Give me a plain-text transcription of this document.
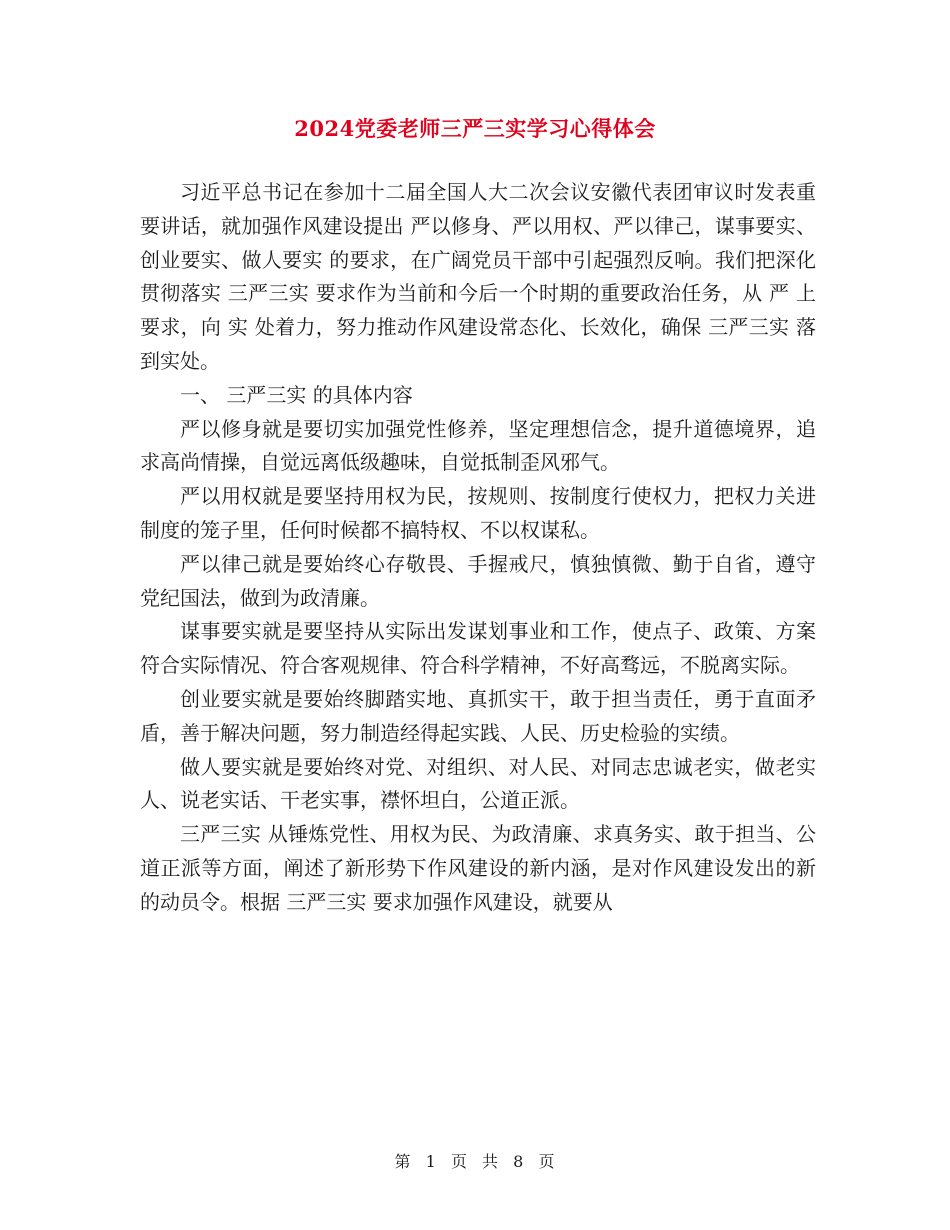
2024党委老师三严三实学习心得体会

习近平总书记在参加十二届全国人大二次会议安徽代表团审议时发表重要讲话，就加强作风建设提出 严以修身、严以用权、严以律己，谋事要实、创业要实、做人要实 的要求，在广阔党员干部中引起强烈反响。我们把深化贯彻落实 三严三实 要求作为当前和今后一个时期的重要政治任务，从 严 上要求，向 实 处着力，努力推动作风建设常态化、长效化，确保 三严三实 落到实处。

一、 三严三实 的具体内容

严以修身就是要切实加强党性修养，坚定理想信念，提升道德境界，追求高尚情操，自觉远离低级趣味，自觉抵制歪风邪气。

严以用权就是要坚持用权为民，按规则、按制度行使权力，把权力关进制度的笼子里，任何时候都不搞特权、不以权谋私。

严以律己就是要始终心存敬畏、手握戒尺，慎独慎微、勤于自省，遵守党纪国法，做到为政清廉。

谋事要实就是要坚持从实际出发谋划事业和工作，使点子、政策、方案符合实际情况、符合客观规律、符合科学精神，不好高骛远，不脱离实际。

创业要实就是要始终脚踏实地、真抓实干，敢于担当责任，勇于直面矛盾，善于解决问题，努力制造经得起实践、人民、历史检验的实绩。

做人要实就是要始终对党、对组织、对人民、对同志忠诚老实，做老实人、说老实话、干老实事，襟怀坦白，公道正派。

三严三实 从锤炼党性、用权为民、为政清廉、求真务实、敢于担当、公道正派等方面，阐述了新形势下作风建设的新内涵，是对作风建设发出的新的动员令。根据 三严三实 要求加强作风建设，就要从

第 1 页 共 8 页
